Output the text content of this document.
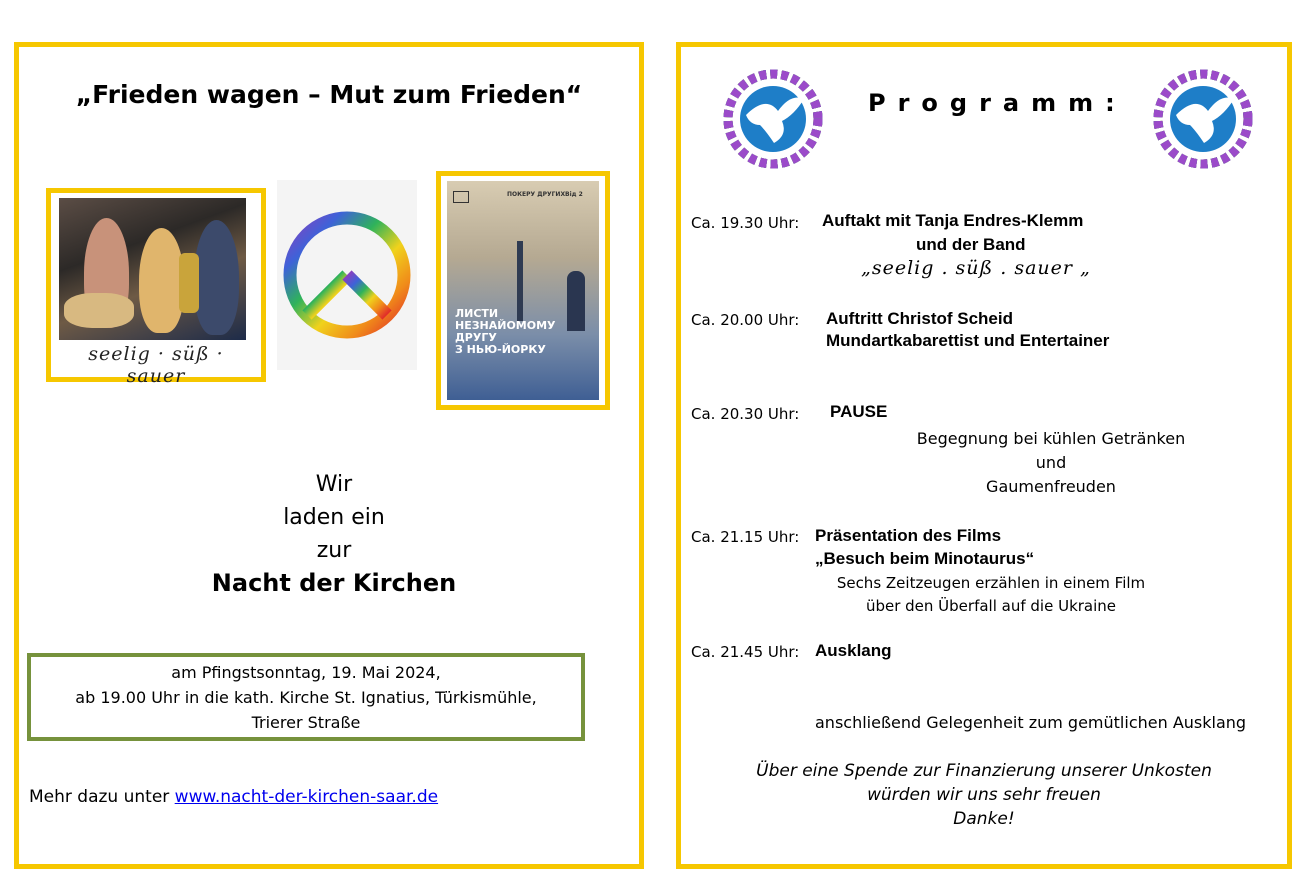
„Frieden wagen – Mut zum Frieden“
seelig · süß · sauer
ПОКЕРУ ДРУГИХ Від 2
ЛИСТИ
НЕЗНАЙОМОМУ
ДРУГУ
З НЬЮ-ЙОРКУ
Wir
laden ein
zur
Nacht der Kirchen
am Pfingstsonntag, 19. Mai 2024,
ab 19.00 Uhr in die kath. Kirche St. Ignatius, Türkismühle,
Trierer Straße
Mehr dazu unter www.nacht-der-kirchen-saar.de
Programm:
Ca. 19.30 Uhr: Auftakt mit Tanja Endres-Klemm
und der Band
„seelig . süß . sauer „
Ca. 20.00 Uhr: Auftritt Christof Scheid
Mundartkabarettist und Entertainer
Ca. 20.30 Uhr: PAUSE
Begegnung bei kühlen Getränken
und
Gaumenfreuden
Ca. 21.15 Uhr: Präsentation des Films
„Besuch beim Minotaurus“
Sechs Zeitzeugen erzählen in einem Film
über den Überfall auf die Ukraine
Ca. 21.45 Uhr: Ausklang
anschließend Gelegenheit zum gemütlichen Ausklang
Über eine Spende zur Finanzierung unserer Unkosten
würden wir uns sehr freuen
Danke!
